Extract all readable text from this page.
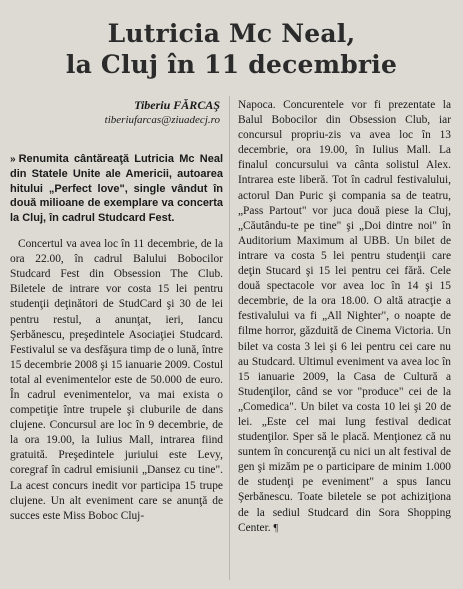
Lutricia Mc Neal,
la Cluj în 11 decembrie
Tiberiu FĂRCAŞ
tiberiufarcas@ziuadecj.ro

» Renumita cântăreaţă Lutricia Mc Neal din Statele Unite ale Americii, autoarea hitului „Perfect love", single vândut în două milioane de exemplare va concerta la Cluj, în cadrul Studcard Fest.

Concertul va avea loc în 11 decembrie, de la ora 22.00, în cadrul Balului Bobocilor Studcard Fest din Obsession The Club. Biletele de intrare vor costa 15 lei pentru studenţii deţinători de StudCard şi 30 de lei pentru restul, a anunţat, ieri, Iancu Şerbănescu, preşedintele Asociaţiei Studcard. Festivalul se va desfăşura timp de o lună, între 15 decembrie 2008 şi 15 ianuarie 2009. Costul total al evenimentelor este de 50.000 de euro. În cadrul evenimentelor, va mai exista o competiţie între trupele şi cluburile de dans clujene. Concursul are loc în 9 decembrie, de la ora 19.00, la Iulius Mall, intrarea fiind gratuită. Preşedintele juriului este Levy, coregraf în cadrul emisiunii „Dansez cu tine". La acest concurs inedit vor participa 15 trupe clujene. Un alt eveniment care se anunţă de succes este Miss Boboc Cluj-

Napoca. Concurentele vor fi prezentate la Balul Bobocilor din Obsession Club, iar concursul propriu-zis va avea loc în 13 decembrie, ora 19.00, în Iulius Mall. La finalul concursului va cânta solistul Alex. Intrarea este liberă. Tot în cadrul festivalului, actorul Dan Puric şi compania sa de teatru, „Pass Partout" vor juca două piese la Cluj, „Căutându-te pe tine" şi „Doi dintre noi" în Auditorium Maximum al UBB. Un bilet de intrare va costa 5 lei pentru studenţii care deţin Stucard şi 15 lei pentru cei fără. Cele două spectacole vor avea loc în 14 şi 15 decembrie, de la ora 18.00. O altă atracţie a festivalului va fi „All Nighter", o noapte de filme horror, găzduită de Cinema Victoria. Un bilet va costa 3 lei şi 6 lei pentru cei care nu au Studcard. Ultimul eveniment va avea loc în 15 ianuarie 2009, la Casa de Cultură a Studenţilor, când se vor "produce" cei de la „Comedica". Un bilet va costa 10 lei şi 20 de lei. „Este cel mai lung festival dedicat studenţilor. Sper să le placă. Menţionez că nu suntem în concurenţă cu nici un alt festival de gen şi mizăm pe o participare de minim 1.000 de studenţi pe eveniment" a spus Iancu Şerbănescu. Toate biletele se pot achiziţiona de la sediul Studcard din Sora Shopping Center. ¶
